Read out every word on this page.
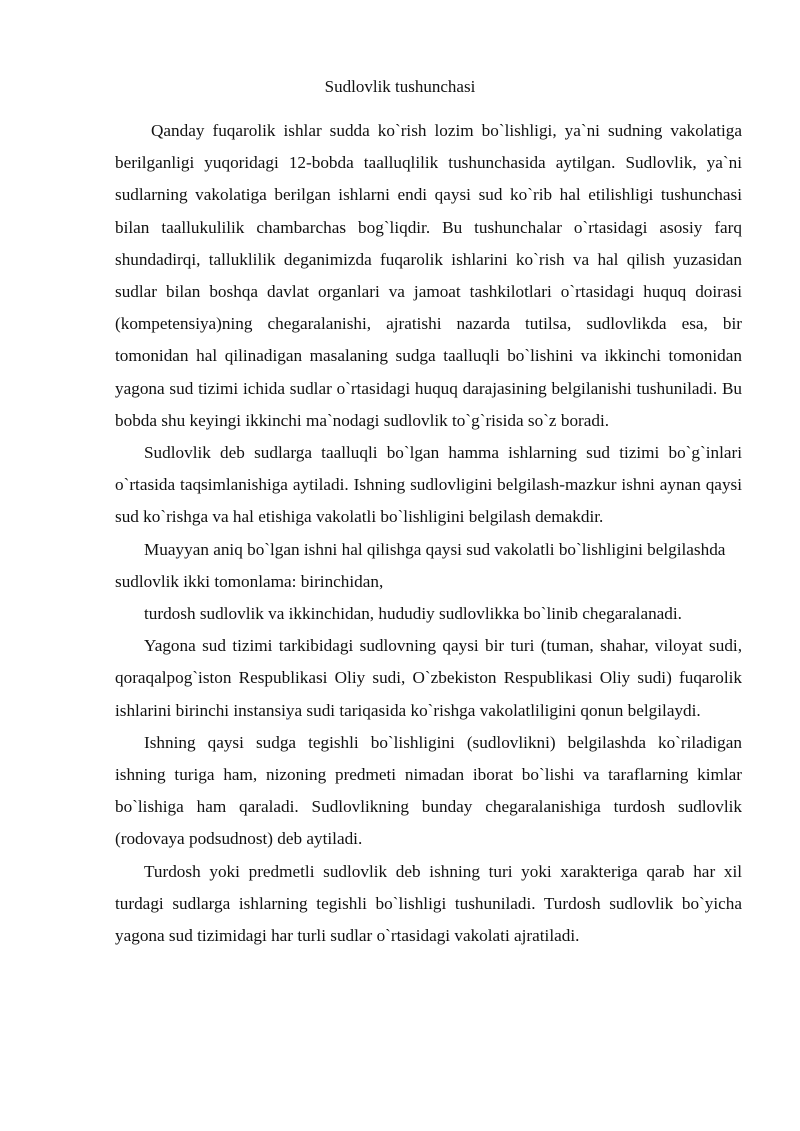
Sudlovlik tushunchasi

Qanday fuqarolik ishlar sudda ko`rish lozim bo`lishligi, ya`ni sudning vakolatiga berilganligi yuqoridagi 12-bobda taalluqlilik tushunchasida aytilgan. Sudlovlik, ya`ni sudlarning vakolatiga berilgan ishlarni endi qaysi sud ko`rib hal etilishligi tushunchasi bilan taallukulilik chambarchas bog`liqdir. Bu tushunchalar o`rtasidagi asosiy farq shundadirqi, talluklilik deganimizda fuqarolik ishlarini ko`rish va hal qilish yuzasidan sudlar bilan boshqa davlat organlari va jamoat tashkilotlari o`rtasidagi huquq doirasi (kompetensiya)ning chegaralanishi, ajratishi nazarda tutilsa, sudlovlikda esa, bir tomonidan hal qilinadigan masalaning sudga taalluqli bo`lishini va ikkinchi tomonidan yagona sud tizimi ichida sudlar o`rtasidagi huquq darajasining belgilanishi tushuniladi. Bu bobda shu keyingi ikkinchi ma`nodagi sudlovlik to`g`risida so`z boradi.

Sudlovlik deb sudlarga taalluqli bo`lgan hamma ishlarning sud tizimi bo`g`inlari o`rtasida taqsimlanishiga aytiladi. Ishning sudlovligini belgilash-mazkur ishni aynan qaysi sud ko`rishga va hal etishiga vakolatli bo`lishligini belgilash demakdir.

Muayyan aniq bo`lgan ishni hal qilishga qaysi sud vakolatli bo`lishligini belgilashda sudlovlik ikki tomonlama: birinchidan,

turdosh sudlovlik va ikkinchidan, hududiy sudlovlikka bo`linib chegaralanadi.

Yagona sud tizimi tarkibidagi sudlovning qaysi bir turi (tuman, shahar, viloyat sudi, qoraqalpog`iston Respublikasi Oliy sudi, O`zbekiston Respublikasi Oliy sudi) fuqarolik ishlarini birinchi instansiya sudi tariqasida ko`rishga vakolatliligini qonun belgilaydi.

Ishning qaysi sudga tegishli bo`lishligini (sudlovlikni) belgilashda ko`riladigan ishning turiga ham, nizoning predmeti nimadan iborat bo`lishi va taraflarning kimlar bo`lishiga ham qaraladi. Sudlovlikning bunday chegaralanishiga turdosh sudlovlik (rodovaya podsudnost) deb aytiladi.

Turdosh yoki predmetli sudlovlik deb ishning turi yoki xarakteriga qarab har xil turdagi sudlarga ishlarning tegishli bo`lishligi tushuniladi. Turdosh sudlovlik bo`yicha yagona sud tizimidagi har turli sudlar o`rtasidagi vakolati ajratiladi.
